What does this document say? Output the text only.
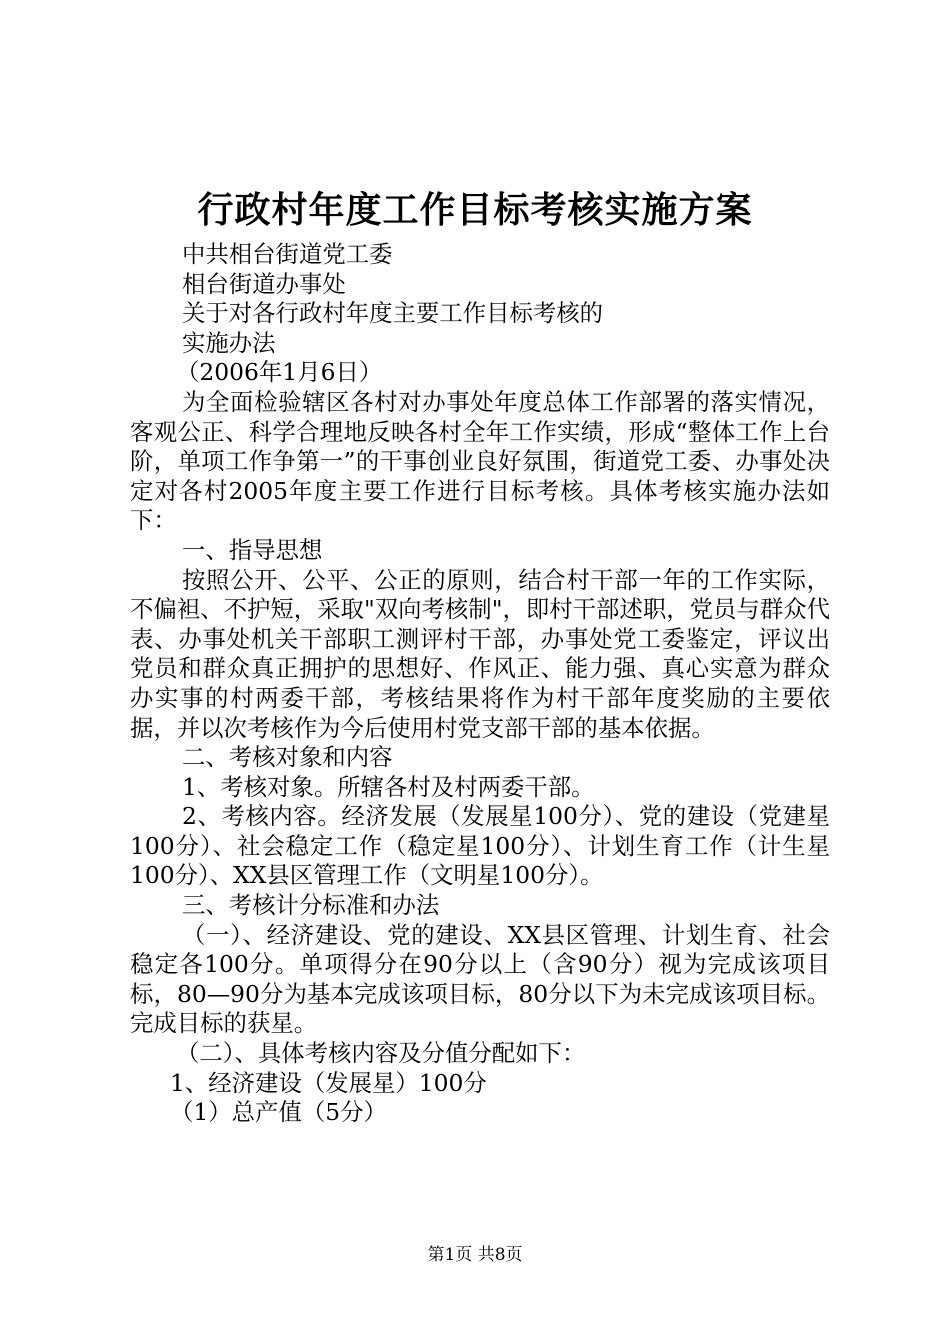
行政村年度工作目标考核实施方案
中共相台街道党工委
相台街道办事处
关于对各行政村年度主要工作目标考核的
实施办法
（2006年1月6日）
为全面检验辖区各村对办事处年度总体工作部署的落实情况，客观公正、科学合理地反映各村全年工作实绩，形成“整体工作上台阶，单项工作争第一”的干事创业良好氛围，街道党工委、办事处决定对各村2005年度主要工作进行目标考核。具体考核实施办法如下：
一、指导思想
按照公开、公平、公正的原则，结合村干部一年的工作实际，不偏袒、不护短，采取"双向考核制"，即村干部述职，党员与群众代表、办事处机关干部职工测评村干部，办事处党工委鉴定，评议出党员和群众真正拥护的思想好、作风正、能力强、真心实意为群众办实事的村两委干部，考核结果将作为村干部年度奖励的主要依据，并以次考核作为今后使用村党支部干部的基本依据。
二、考核对象和内容
1、考核对象。所辖各村及村两委干部。
2、考核内容。经济发展（发展星100分）、党的建设（党建星100分）、社会稳定工作（稳定星100分）、计划生育工作（计生星100分）、XX县区管理工作（文明星100分）。
三、考核计分标准和办法
（一）、经济建设、党的建设、XX县区管理、计划生育、社会稳定各100分。单项得分在90分以上（含90分）视为完成该项目标，80—90分为基本完成该项目标，80分以下为未完成该项目标。完成目标的获星。
（二）、具体考核内容及分值分配如下：
1、经济建设（发展星）100分
（1）总产值（5分）
第1页 共8页
